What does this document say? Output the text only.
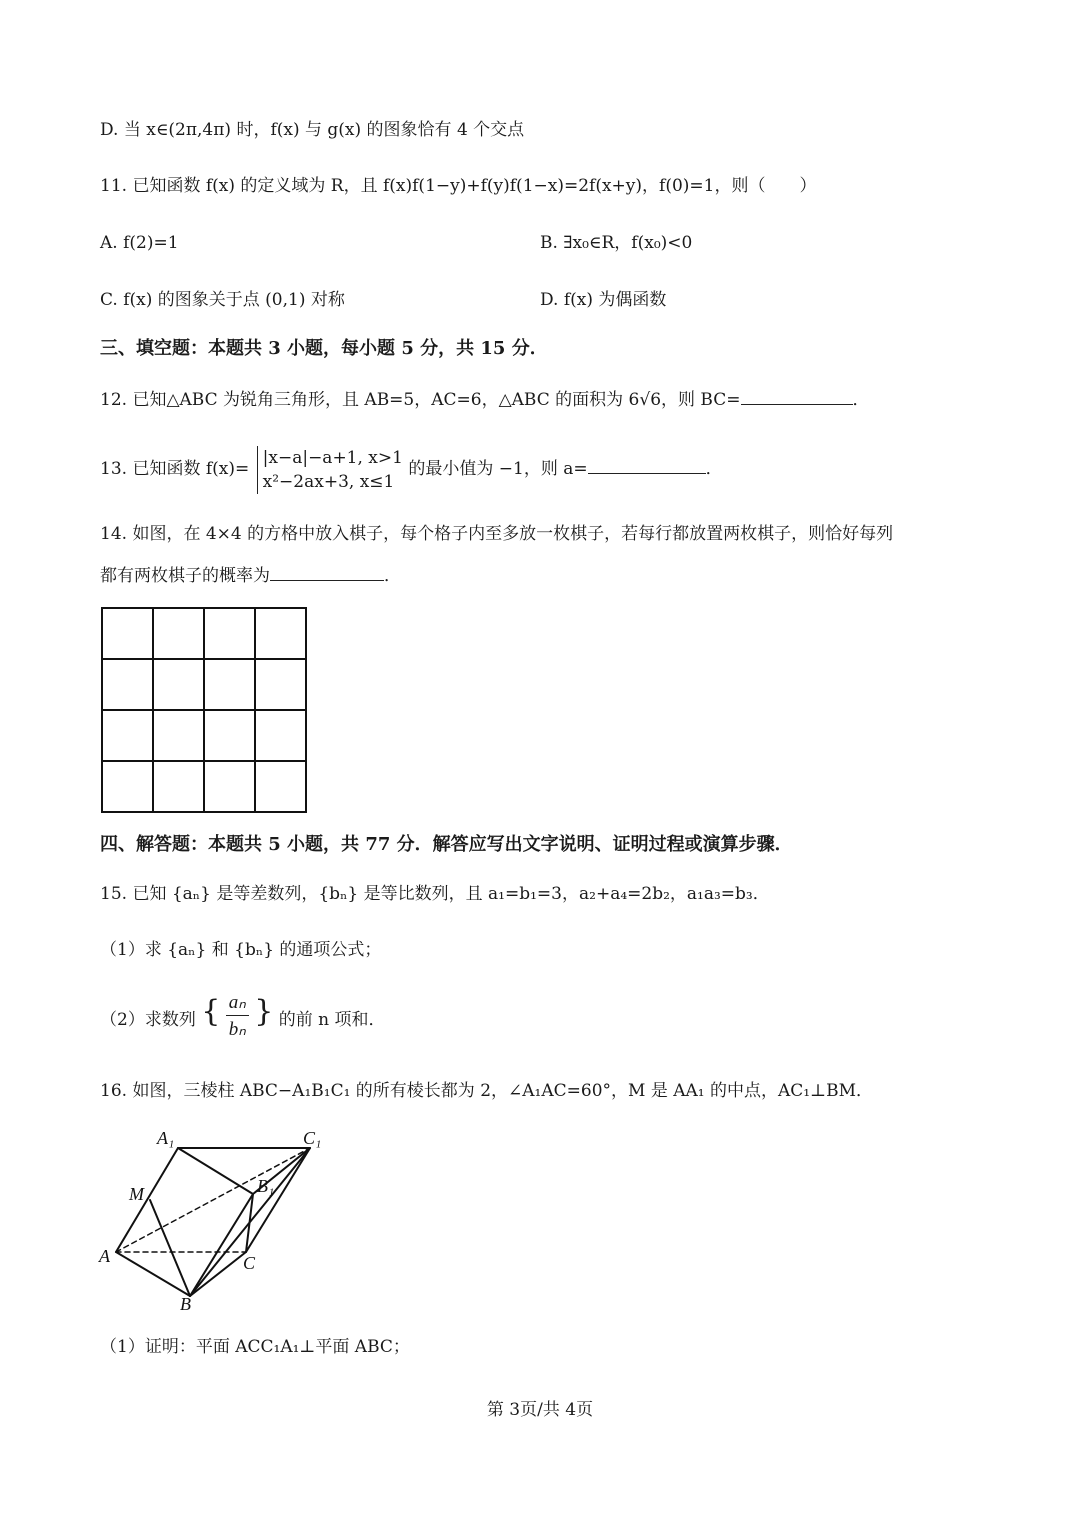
D. 当 x∈(2π,4π) 时，f(x) 与 g(x) 的图象恰有 4 个交点
11. 已知函数 f(x) 的定义域为 R，且 f(x)f(1−y)+f(y)f(1−x)=2f(x+y)，f(0)=1，则（　　）
A. f(2)=1	B. ∃x₀∈R，f(x₀)<0
C. f(x) 的图象关于点 (0,1) 对称	D. f(x) 为偶函数
三、填空题：本题共 3 小题，每小题 5 分，共 15 分．
12. 已知△ABC 为锐角三角形，且 AB=5，AC=6，△ABC 的面积为 6√6，则 BC=	．
13. 已知函数 f(x)=
|x−a|−a+1, x>1
x²−2ax+3, x≤1
的最小值为 −1，则 a=	．
14. 如图，在 4×4 的方格中放入棋子，每个格子内至多放一枚棋子，若每行都放置两枚棋子，则恰好每列
都有两枚棋子的概率为	．
四、解答题：本题共 5 小题，共 77 分．解答应写出文字说明、证明过程或演算步骤．
15. 已知 {aₙ} 是等差数列，{bₙ} 是等比数列，且 a₁=b₁=3，a₂+a₄=2b₂，a₁a₃=b₃．
（1）求 {aₙ} 和 {bₙ} 的通项公式；
（2）求数列 { $\frac{\text{aₙ}}{\text{bₙ}}$ } 的前 n 项和．
16. 如图，三棱柱 ABC−A₁B₁C₁ 的所有棱长都为 2，∠A₁AC=60°，M 是 AA₁ 的中点，AC₁⊥BM．
A₁	C₁
B₁
M
A	C
B
（1）证明：平面 ACC₁A₁⊥平面 ABC；
第 3页/共 4页
